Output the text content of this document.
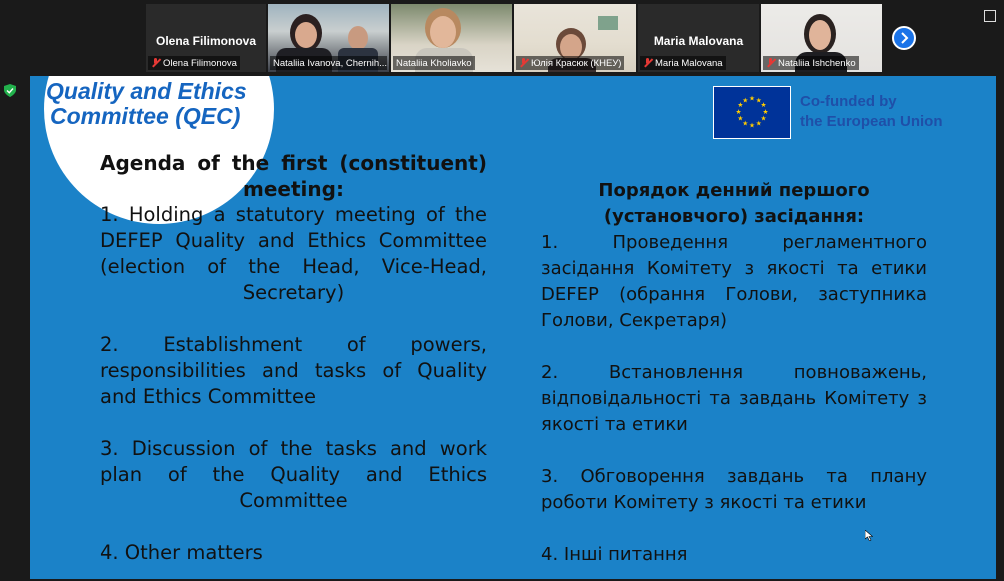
Olena Filimonova
Olena Filimonova	Nataliia Ivanova, Chernih... Nataliia Kholiavko	Юлія Красюк (КНЕУ)
Maria Malovana
Maria Malovana	Nataliia Ishchenko
Quality and Ethics
Committee (QEC)
★ ★
★
★
★
★
★
★
★
★
★
★	Co-funded by
the European Union
Agenda of the first (constituent) meeting:
1. Holding a statutory meeting of the DEFEP Quality and Ethics Committee (election of the Head, Vice-Head, Secretary)
2. Establishment of powers, responsibilities and tasks of Quality and Ethics Committee
3. Discussion of the tasks and work plan of the Quality and Ethics Committee
4. Other matters
Порядок денний першого (установчого) засідання:
1. Проведення регламентного засідання Комітету з якості та етики DEFEP (обрання Голови, заступника Голови, Секретаря)
2. Встановлення повноважень, відповідальності та завдань Комітету з якості та етики
3. Обговорення завдань та плану роботи Комітету з якості та етики
4. Інші питання
